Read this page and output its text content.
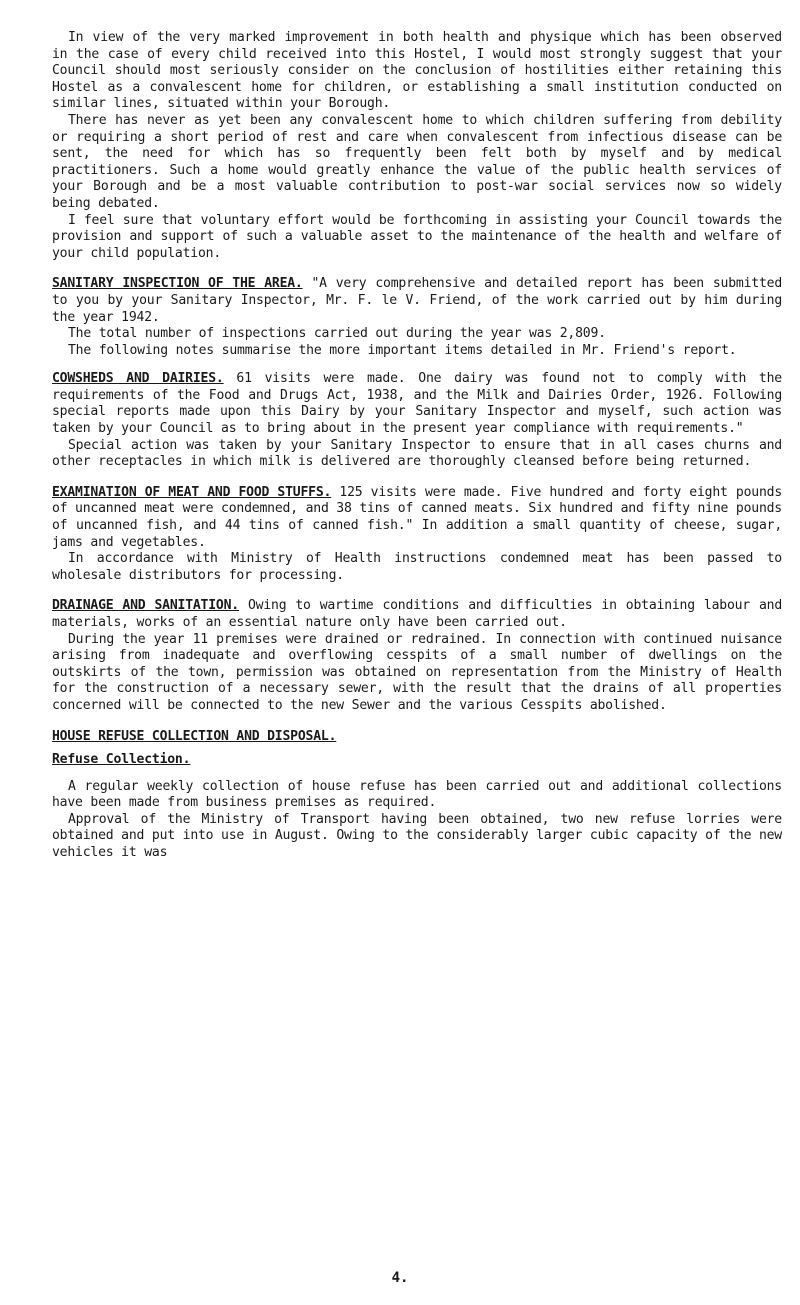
In view of the very marked improvement in both health and physique which has been observed in the case of every child received into this Hostel, I would most strongly suggest that your Council should most seriously consider on the conclusion of hostilities either retaining this Hostel as a convalescent home for children, or establishing a small institution conducted on similar lines, situated within your Borough.

There has never as yet been any convalescent home to which children suffering from debility or requiring a short period of rest and care when convalescent from infectious disease can be sent, the need for which has so frequently been felt both by myself and by medical practitioners. Such a home would greatly enhance the value of the public health services of your Borough and be a most valuable contribution to post-war social services now so widely being debated.

I feel sure that voluntary effort would be forthcoming in assisting your Council towards the provision and support of such a valuable asset to the maintenance of the health and welfare of your child population.

SANITARY INSPECTION OF THE AREA. "A very comprehensive and detailed report has been submitted to you by your Sanitary Inspector, Mr. F. le V. Friend, of the work carried out by him during the year 1942.

The total number of inspections carried out during the year was 2,809.

The following notes summarise the more important items detailed in Mr. Friend's report.

COWSHEDS AND DAIRIES. 61 visits were made. One dairy was found not to comply with the requirements of the Food and Drugs Act, 1938, and the Milk and Dairies Order, 1926. Following special reports made upon this Dairy by your Sanitary Inspector and myself, such action was taken by your Council as to bring about in the present year compliance with requirements."

Special action was taken by your Sanitary Inspector to ensure that in all cases churns and other receptacles in which milk is delivered are thoroughly cleansed before being returned.

EXAMINATION OF MEAT AND FOOD STUFFS. 125 visits were made. Five hundred and forty eight pounds of uncanned meat were condemned, and 38 tins of canned meats. Six hundred and fifty nine pounds of uncanned fish, and 44 tins of canned fish." In addition a small quantity of cheese, sugar, jams and vegetables.

In accordance with Ministry of Health instructions condemned meat has been passed to wholesale distributors for processing.

DRAINAGE AND SANITATION. Owing to wartime conditions and difficulties in obtaining labour and materials, works of an essential nature only have been carried out.

During the year 11 premises were drained or redrained. In connection with continued nuisance arising from inadequate and overflowing cesspits of a small number of dwellings on the outskirts of the town, permission was obtained on representation from the Ministry of Health for the construction of a necessary sewer, with the result that the drains of all properties concerned will be connected to the new Sewer and the various Cesspits abolished.

HOUSE REFUSE COLLECTION AND DISPOSAL.
Refuse Collection.

A regular weekly collection of house refuse has been carried out and additional collections have been made from business premises as required.

Approval of the Ministry of Transport having been obtained, two new refuse lorries were obtained and put into use in August. Owing to the considerably larger cubic capacity of the new vehicles it was

4.
